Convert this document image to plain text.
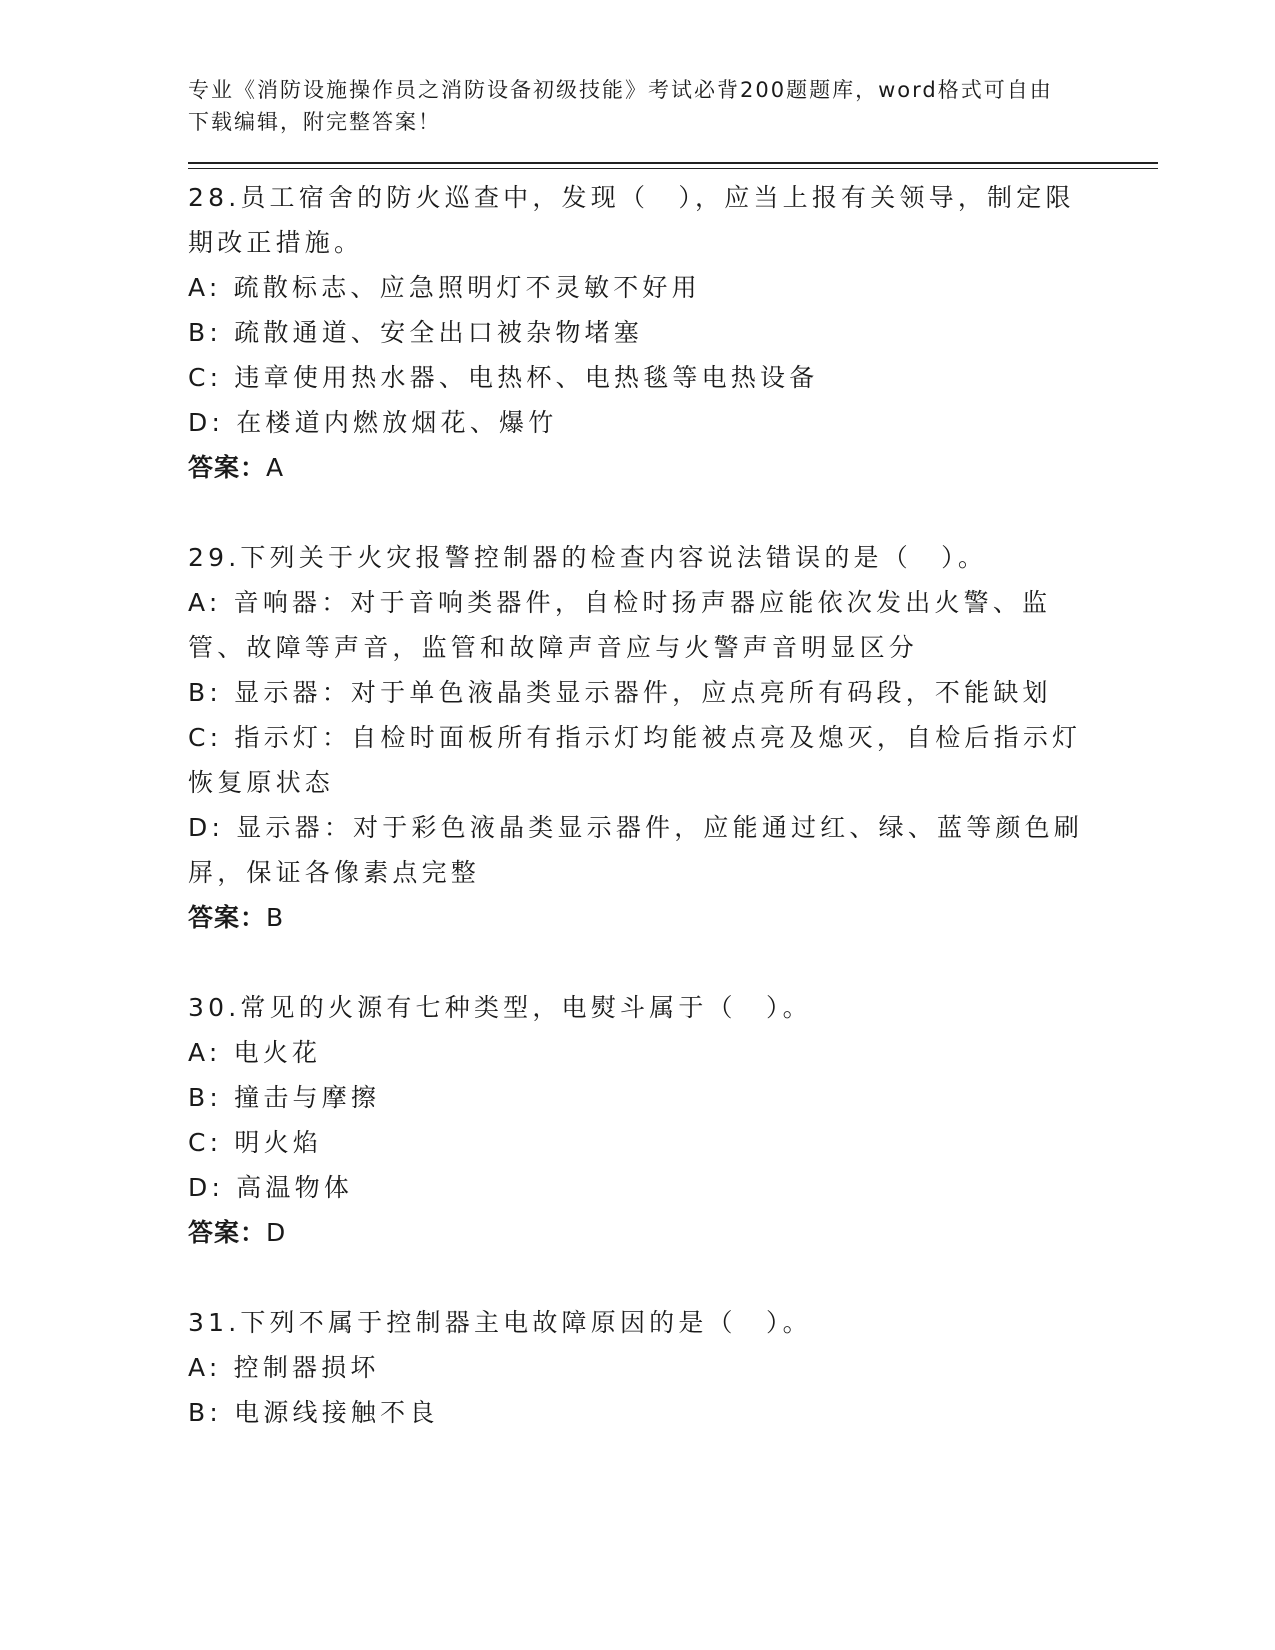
专业《消防设施操作员之消防设备初级技能》考试必背200题题库，word格式可自由下载编辑，附完整答案！
28.员工宿舍的防火巡查中，发现（　），应当上报有关领导，制定限期改正措施。
A: 疏散标志、应急照明灯不灵敏不好用
B: 疏散通道、安全出口被杂物堵塞
C: 违章使用热水器、电热杯、电热毯等电热设备
D: 在楼道内燃放烟花、爆竹
答案：A
29.下列关于火灾报警控制器的检查内容说法错误的是（　）。
A: 音响器：对于音响类器件，自检时扬声器应能依次发出火警、监管、故障等声音，监管和故障声音应与火警声音明显区分
B: 显示器：对于单色液晶类显示器件，应点亮所有码段，不能缺划
C: 指示灯：自检时面板所有指示灯均能被点亮及熄灭，自检后指示灯恢复原状态
D: 显示器：对于彩色液晶类显示器件，应能通过红、绿、蓝等颜色刷屏，保证各像素点完整
答案：B
30.常见的火源有七种类型，电熨斗属于（　）。
A: 电火花
B: 撞击与摩擦
C: 明火焰
D: 高温物体
答案：D
31.下列不属于控制器主电故障原因的是（　）。
A: 控制器损坏
B: 电源线接触不良
